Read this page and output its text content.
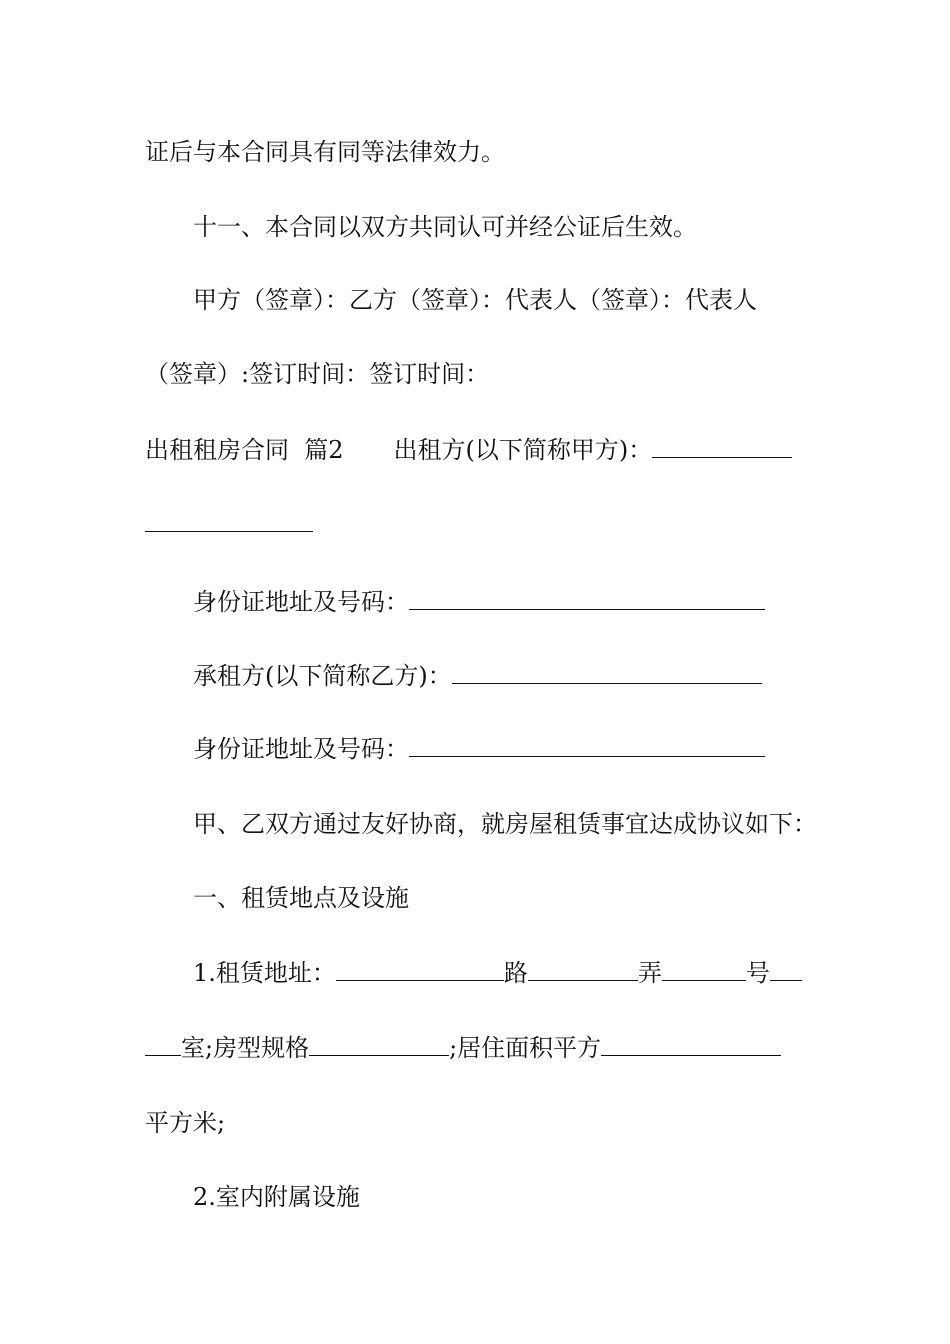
证后与本合同具有同等法律效力。
十一、本合同以双方共同认可并经公证后生效。
甲方（签章）：乙方（签章）：代表人（签章）：代表人
（签章）:签订时间：签订时间：
出租租房合同  篇2 出租方(以下简称甲方)：
身份证地址及号码：
承租方(以下简称乙方)：
身份证地址及号码：
甲、乙双方通过友好协商，就房屋租赁事宜达成协议如下：
一、租赁地点及设施
1.租赁地址：	路	弄	号
室;房型规格	;居住面积平方
平方米;
2.室内附属设施
